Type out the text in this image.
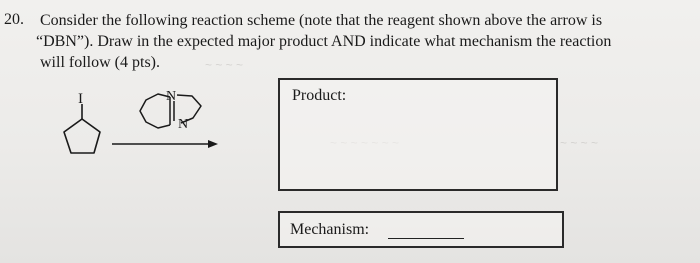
~ ~ ~ ~
~ ~ ~ ~
20. Consider the following reaction scheme (note that the reagent shown above the arrow is
“DBN”). Draw in the expected major product AND indicate what mechanism the reaction
will follow (4 pts).
I	N
N
Product:
Mechanism:
